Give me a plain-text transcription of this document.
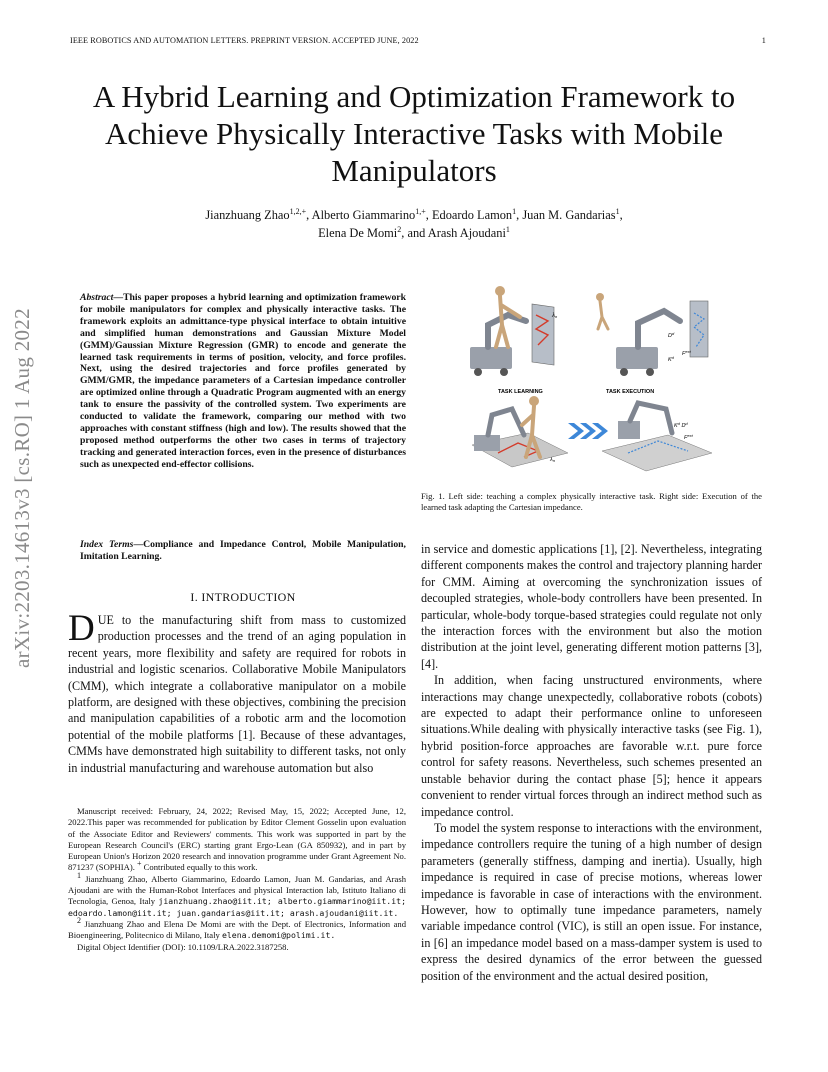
IEEE ROBOTICS AND AUTOMATION LETTERS. PREPRINT VERSION. ACCEPTED JUNE, 2022	1
A Hybrid Learning and Optimization Framework to Achieve Physically Interactive Tasks with Mobile Manipulators
Jianzhuang Zhao$^{1,2,+}$, Alberto Giammarino$^{1,+}$, Edoardo Lamon$^1$, Juan M. Gandarias$^1$,
Elena De Momi$^2$, and Arash Ajoudani$^1$
arXiv:2203.14613v3 [cs.RO] 1 Aug 2022
Abstract—This paper proposes a hybrid learning and optimization framework for mobile manipulators for complex and physically interactive tasks. The framework exploits an admittance-type physical interface to obtain intuitive and simplified human demonstrations and Gaussian Mixture Model (GMM)/Gaussian Mixture Regression (GMR) to encode and generate the learned task requirements in terms of position, velocity, and force profiles. Next, using the desired trajectories and force profiles generated by GMM/GMR, the impedance parameters of a Cartesian impedance controller are optimized online through a Quadratic Program augmented with an energy tank to ensure the passivity of the controlled system. Two experiments are conducted to validate the framework, comparing our method with two approaches with constant stiffness (high and low). The results showed that the proposed method outperforms the other two cases in terms of trajectory tracking and generated interaction forces, even in the presence of disturbances such as unexpected end-effector collisions.
Index Terms—Compliance and Impedance Control, Mobile Manipulation, Imitation Learning.
I. INTRODUCTION
DUE to the manufacturing shift from mass to customized production processes and the trend of an aging population in recent years, more flexibility and safety are required for robots in industrial and logistic scenarios. Collaborative Mobile Manipulators (CMM), which integrate a collaborative manipulator on a mobile platform, are designed with these objectives, combining the precision and manipulation capabilities of a robotic arm and the locomotion potential of the mobile platforms [1]. Because of these advantages, CMMs have demonstrated high suitability to different tasks, not only in industrial manufacturing and warehouse automation but also

Manuscript received: February, 24, 2022; Revised May, 15, 2022; Accepted June, 12, 2022.This paper was recommended for publication by Editor Clement Gosselin upon evaluation of the Associate Editor and Reviewers' comments. This work was supported in part by the European Research Council's (ERC) starting grant Ergo-Lean (GA 850932), and in part by European Union's Horizon 2020 research and innovation programme under Grant Agreement No. 871237 (SOPHIA). + Contributed equally to this work.

$^1$ Jianzhuang Zhao, Alberto Giammarino, Edoardo Lamon, Juan M. Gandarias, and Arash Ajoudani are with the Human-Robot Interfaces and physical Interaction lab, Istituto Italiano di Tecnologia, Genoa, Italy jianzhuang.zhao@iit.it; alberto.giammarino@iit.it; edoardo.lamon@iit.it; juan.gandarias@iit.it; arash.ajoudani@iit.it.

$^2$ Jianzhuang Zhao and Elena De Momi are with the Dept. of Electronics, Information and Bioengineering, Politecnico di Milano, Italy elena.demomi@polimi.it.

Digital Object Identifier (DOI): 10.1109/LRA.2022.3187258.

λn
$D^d$
$K^d$
$F^{ext}$
TASK LEARNING	TASK EXECUTION
λn
$K^d$ $D^d$
$F^{ext}$
Fig. 1. Left side: teaching a complex physically interactive task. Right side: Execution of the learned task adapting the Cartesian impedance.

in service and domestic applications [1], [2]. Nevertheless, integrating different components makes the control and trajectory planning harder for CMM. Aiming at overcoming the synchronization issues of decoupled strategies, whole-body controllers have been presented. In particular, whole-body torque-based strategies could regulate not only the interaction forces with the environment but also the motion distribution at the joint level, generating different motion patterns [3], [4].

In addition, when facing unstructured environments, where interactions may change unexpectedly, collaborative robots (cobots) are expected to adapt their performance online to unforeseen situations.While dealing with physically interactive tasks (see Fig. 1), hybrid position-force approaches are favorable w.r.t. pure force control for safety reasons. Nevertheless, such schemes presented an unstable behavior during the contact phase [5]; hence it appears convenient to render virtual forces through an indirect method such as impedance control.

To model the system response to interactions with the environment, impedance controllers require the tuning of a high number of design parameters (generally stiffness, damping and inertia). Usually, high impedance is required in case of precise motions, whereas lower impedance is favorable in case of interactions with the environment. However, how to optimally tune impedance parameters, namely variable impedance control (VIC), is still an open issue. For instance, in [6] an impedance model based on a mass-damper system is used to express the desired dynamics of the error between the guessed position of the environment and the actual desired position,
